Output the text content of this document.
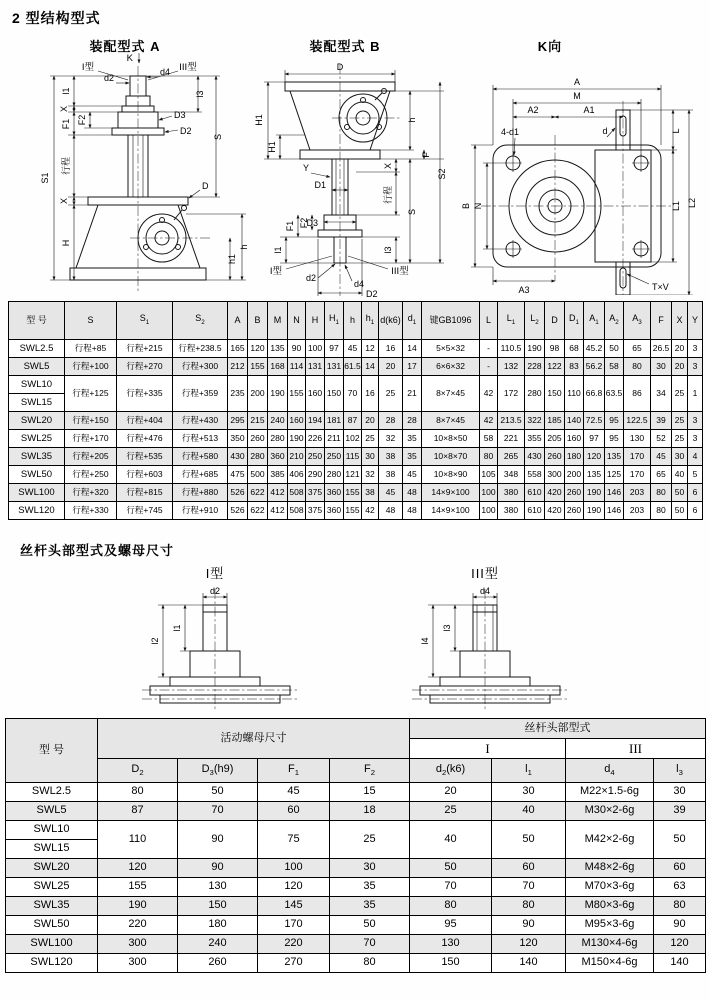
2 型结构型式
装配型式 A	装配型式 B	K向
K
I型	III型
d2
d4
S1
l1
X
F1 F2
行程
X
H
l3
S
D3
D2
D
h1
h
D
H1
H1
Y
D1
D3
F2
F1
h
F
X
行程
S
S2
l3
l1
I型
d2
d4
III型
D2
A
M
A2	A1
4-d1	d	L
L1 L2
B N
A3	T×V
型 号	S	$S_1$	$S_2$	A	B	M	N	H	$H_1$	h	$h_1$	d(k6)	$d_1$	键GB1096	L	$L_1$	$L_2$	D	$D_1$	$A_1$	$A_2$	$A_3$	F	X	Y
SWL2.5	行程+85	行程+215	行程+238.5	165	120	135	90	100	97	45	12	16	14	5×5×32	-	110.5	190	98	68	45.2	50	65	26.5	20	3
SWL5	行程+100	行程+270	行程+300	212	155	168	114	131	131	61.5	14	20	17	6×6×32	-	132	228	122	83	56.2	58	80	30	20	3
SWL10	行程+125	行程+335	行程+359	235	200	190	155	160	150	70	16	25	21	8×7×45	42	172	280	150	110	66.8	63.5	86	34	25	1
SWL15																									
SWL20	行程+150	行程+404	行程+430	295	215	240	160	194	181	87	20	28	28	8×7×45	42	213.5	322	185	140	72.5	95	122.5	39	25	3
SWL25	行程+170	行程+476	行程+513	350	260	280	190	226	211	102	25	32	35	10×8×50	58	221	355	205	160	97	95	130	52	25	3
SWL35	行程+205	行程+535	行程+580	430	280	360	210	250	250	115	30	38	35	10×8×70	80	265	430	260	180	120	135	170	45	30	4
SWL50	行程+250	行程+603	行程+685	475	500	385	406	290	280	121	32	38	45	10×8×90	105	348	558	300	200	135	125	170	65	40	5
SWL100	行程+320	行程+815	行程+880	526	622	412	508	375	360	155	38	45	48	14×9×100	100	380	610	420	260	190	146	203	80	50	6
SWL120	行程+330	行程+745	行程+910	526	622	412	508	375	360	155	42	48	48	14×9×100	100	380	610	420	260	190	146	203	80	50	6
丝杆头部型式及螺母尺寸
I型	III型
d2
l1
l2
d4
l3
l4
型 号	活动螺母尺寸				丝杆头部型式			
					I		III	
	$D_2$	$D_3(h9)$	$F_1$	$F_2$	$d_2(k6)$	$l_1$	$d_4$	$l_3$
SWL2.5	80	50	45	15	20	30	M22×1.5-6g	30
SWL5	87	70	60	18	25	40	M30×2-6g	39
SWL10	110	90	75	25	40	50	M42×2-6g	50
SWL15								
SWL20	120	90	100	30	50	60	M48×2-6g	60
SWL25	155	130	120	35	70	70	M70×3-6g	63
SWL35	190	150	145	35	80	80	M80×3-6g	80
SWL50	220	180	170	50	95	90	M95×3-6g	90
SWL100	300	240	220	70	130	120	M130×4-6g	120
SWL120	300	260	270	80	150	140	M150×4-6g	140
